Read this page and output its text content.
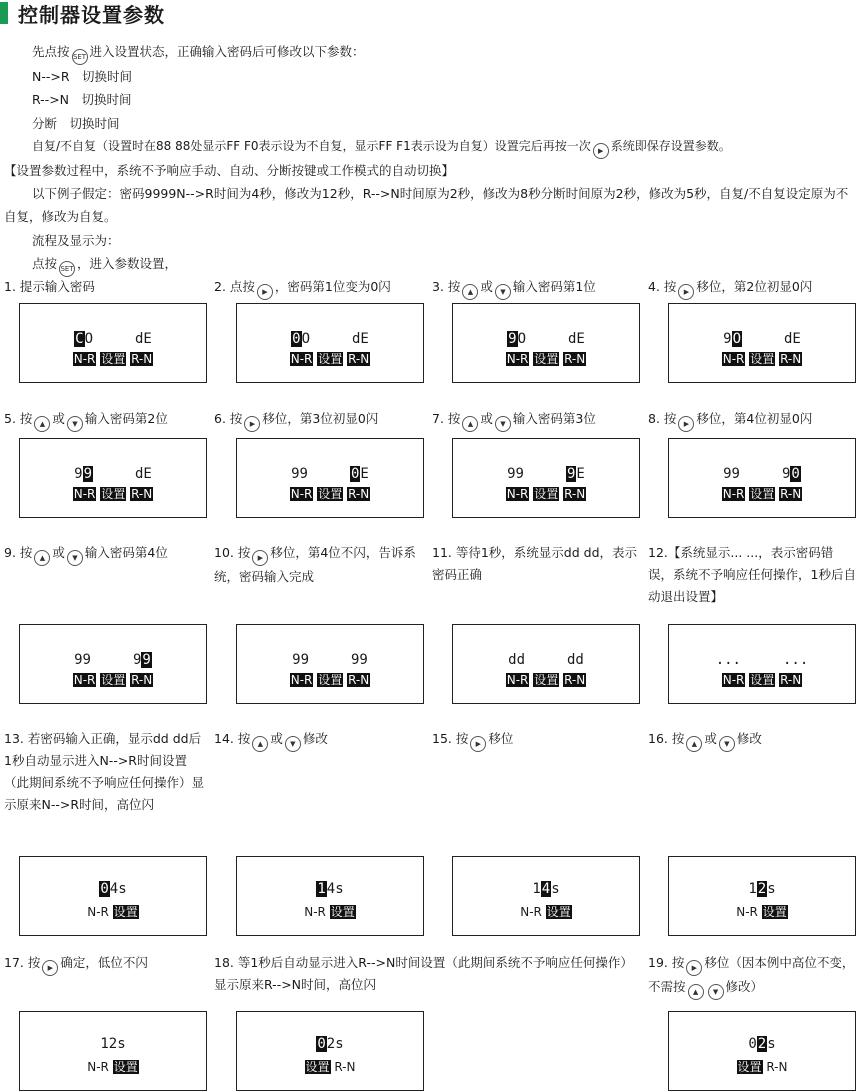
控制器设置参数
先点按 SET 进入设置状态，正确输入密码后可修改以下参数：
N-->R　切换时间
R-->N　切换时间
分断　切换时间
自复/不自复（设置时在88 88处显示FF F0表示设为不自复，显示FF F1表示设为自复）设置完后再按一次 ▶ 系统即保存设置参数。
【设置参数过程中，系统不予响应手动、自动、分断按键或工作模式的自动切换】
以下例子假定：密码9999N-->R时间为4秒，修改为12秒，R-->N时间原为2秒，修改为8秒分断时间原为2秒，修改为5秒，自复/不自复设定原为不自复，修改为自复。
流程及显示为：
点按 SET ，进入参数设置，
1. 提示输入密码
CO　　　dE
N-R 设置 R-N
2. 点按 ▶ ，密码第1位变为0闪
0O　　　dE
N-R 设置 R-N
3. 按 ▲ 或 ▼ 输入密码第1位
9O　　　dE
N-R 设置 R-N
4. 按 ▶ 移位，第2位初显0闪
9O　　　dE
N-R 设置 R-N
5. 按 ▲ 或 ▼ 输入密码第2位
99　　　dE
N-R 设置 R-N
6. 按 ▶ 移位，第3位初显0闪
99　　　0E
N-R 设置 R-N
7. 按 ▲ 或 ▼ 输入密码第3位
99　　　9E
N-R 设置 R-N
8. 按 ▶ 移位，第4位初显0闪
99　　　90
N-R 设置 R-N
9. 按 ▲ 或 ▼ 输入密码第4位
99　　　99
N-R 设置 R-N
10. 按 ▶ 移位，第4位不闪，告诉系统，密码输入完成
99　　　99
N-R 设置 R-N
11. 等待1秒，系统显示dd dd，表示密码正确
dd　　　dd
N-R 设置 R-N
12.【系统显示... ...，表示密码错误，系统不予响应任何操作，1秒后自动退出设置】
...　　　...
N-R 设置 R-N
13. 若密码输入正确，显示dd dd后1秒自动显示进入N-->R时间设置（此期间系统不予响应任何操作）显示原来N-->R时间，高位闪
04s
N-R 设置
14. 按 ▲ 或 ▼ 修改
14s
N-R 设置
15. 按 ▶ 移位
14s
N-R 设置
16. 按 ▲ 或 ▼ 修改
12s
N-R 设置
17. 按 ▶ 确定，低位不闪
12s
N-R 设置
18. 等1秒后自动显示进入R-->N时间设置（此期间系统不予响应任何操作）显示原来R-->N时间，高位闪
02s
设置 R-N
19. 按 ▶ 移位（因本例中高位不变，不需按 ▲ ▼ 修改）
02s
设置 R-N
